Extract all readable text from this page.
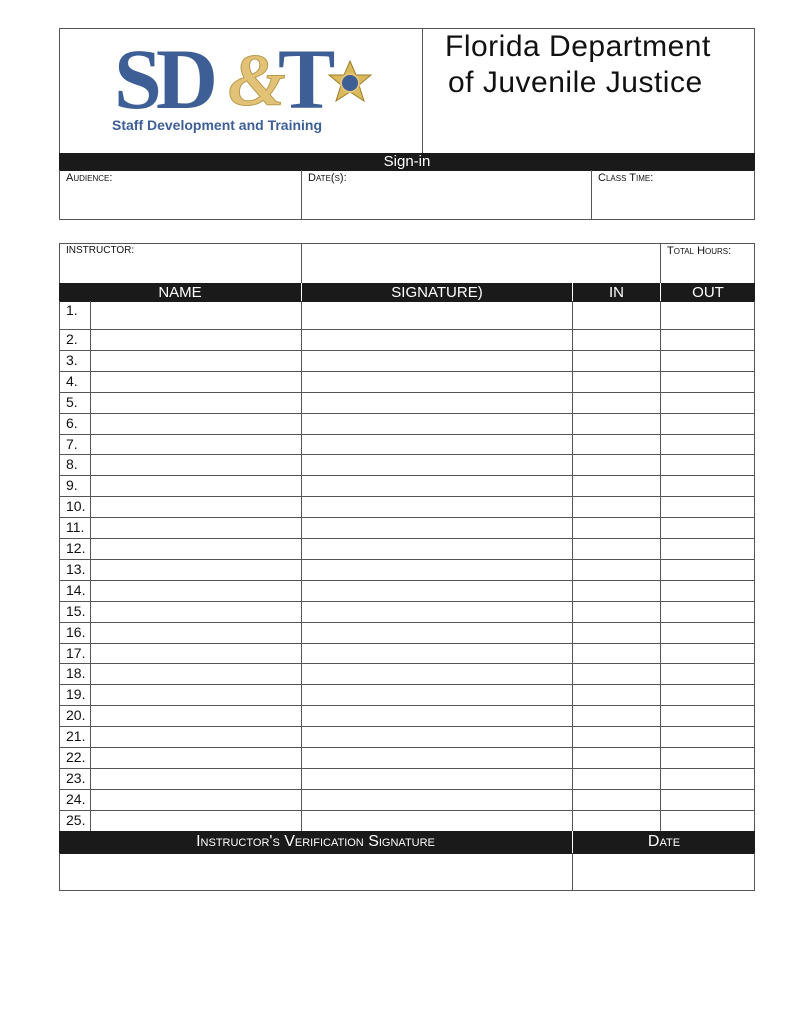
SD T
&
Staff Development and Training
Florida Department
of Juvenile Justice
Sign-in
Audience:	Date(s):	Class Time:
INSTRUCTOR:	Total Hours:
NAME	SIGNATURE)	IN	OUT
1.
2.
3.
4.
5.
6.
7.
8.
9.
10.
11.
12.
13.
14.
15.
16.
17.
18.
19.
20.
21.
22.
23.
24.
25.
Instructor's Verification Signature	Date
